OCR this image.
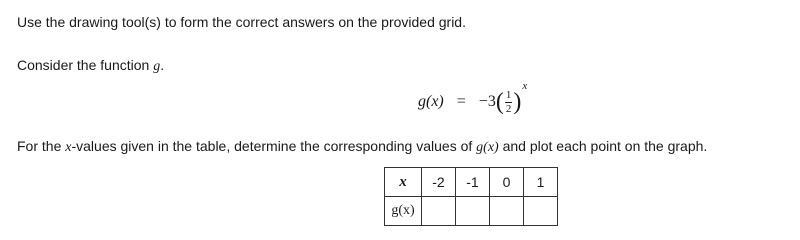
Use the drawing tool(s) to form the correct answers on the provided grid.
Consider the function g.
g(x) = −3 ( $\frac{1}{2}$ )
x
For the x-values given in the table, determine the corresponding values of g(x) and plot each point on the graph.
x	-2	-1	0	1
g(x)				
